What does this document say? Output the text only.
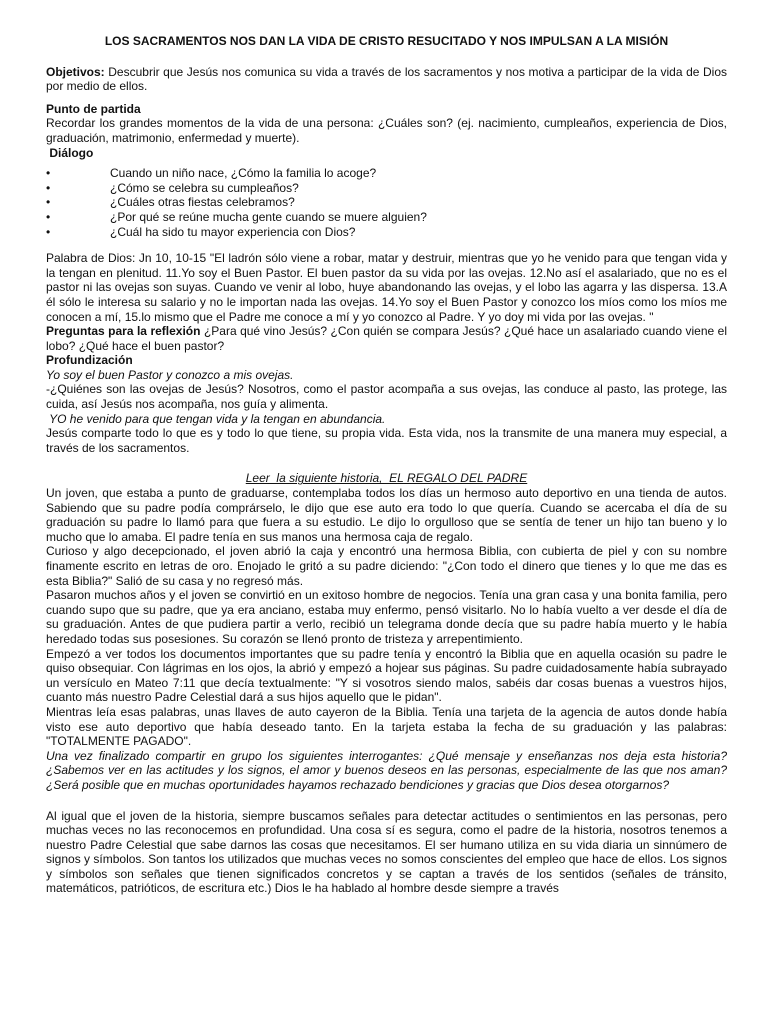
LOS SACRAMENTOS NOS DAN LA VIDA DE CRISTO RESUCITADO Y NOS IMPULSAN A LA MISIÓN

Objetivos: Descubrir que Jesús nos comunica su vida a través de los sacramentos y nos motiva a participar de la vida de Dios por medio de ellos.

Punto de partida

Recordar los grandes momentos de la vida de una persona: ¿Cuáles son? (ej. nacimiento, cumpleaños, experiencia de Dios, graduación, matrimonio, enfermedad y muerte).

Diálogo

•	Cuando un niño nace, ¿Cómo la familia lo acoge?
•	¿Cómo se celebra su cumpleaños?
•	¿Cuáles otras fiestas celebramos?
•	¿Por qué se reúne mucha gente cuando se muere alguien?
•	¿Cuál ha sido tu mayor experiencia con Dios?

Palabra de Dios: Jn 10, 10-15 "El ladrón sólo viene a robar, matar y destruir, mientras que yo he venido para que tengan vida y la tengan en plenitud. 11.Yo soy el Buen Pastor. El buen pastor da su vida por las ovejas. 12.No así el asalariado, que no es el pastor ni las ovejas son suyas. Cuando ve venir al lobo, huye abandonando las ovejas, y el lobo las agarra y las dispersa. 13.A él sólo le interesa su salario y no le importan nada las ovejas. 14.Yo soy el Buen Pastor y conozco los míos como los míos me conocen a mí, 15.lo mismo que el Padre me conoce a mí y yo conozco al Padre. Y yo doy mi vida por las ovejas. "

Preguntas para la reflexión ¿Para qué vino Jesús? ¿Con quién se compara Jesús? ¿Qué hace un asalariado cuando viene el lobo? ¿Qué hace el buen pastor?

Profundización

Yo soy el buen Pastor y conozco a mis ovejas.

-¿Quiénes son las ovejas de Jesús? Nosotros, como el pastor acompaña a sus ovejas, las conduce al pasto, las protege, las cuida, así Jesús nos acompaña, nos guía y alimenta.

YO he venido para que tengan vida y la tengan en abundancia.

Jesús comparte todo lo que es y todo lo que tiene, su propia vida. Esta vida, nos la transmite de una manera muy especial, a través de los sacramentos.

Leer  la siguiente historia,  EL REGALO DEL PADRE

Un joven, que estaba a punto de graduarse, contemplaba todos los días un hermoso auto deportivo en una tienda de autos. Sabiendo que su padre podía comprárselo, le dijo que ese auto era todo lo que quería. Cuando se acercaba el día de su graduación su padre lo llamó para que fuera a su estudio. Le dijo lo orgulloso que se sentía de tener un hijo tan bueno y lo mucho que lo amaba. El padre tenía en sus manos una hermosa caja de regalo.

Curioso y algo decepcionado, el joven abrió la caja y encontró una hermosa Biblia, con cubierta de piel y con su nombre finamente escrito en letras de oro. Enojado le gritó a su padre diciendo: "¿Con todo el dinero que tienes y lo que me das es esta Biblia?" Salió de su casa y no regresó más.

Pasaron muchos años y el joven se convirtió en un exitoso hombre de negocios. Tenía una gran casa y una bonita familia, pero cuando supo que su padre, que ya era anciano, estaba muy enfermo, pensó visitarlo. No lo había vuelto a ver desde el día de su graduación. Antes de que pudiera partir a verlo, recibió un telegrama donde decía que su padre había muerto y le había heredado todas sus posesiones. Su corazón se llenó pronto de tristeza y arrepentimiento.

Empezó a ver todos los documentos importantes que su padre tenía y encontró la Biblia que en aquella ocasión su padre le quiso obsequiar. Con lágrimas en los ojos, la abrió y empezó a hojear sus páginas. Su padre cuidadosamente había subrayado un versículo en Mateo 7:11 que decía textualmente: "Y si vosotros siendo malos, sabéis dar cosas buenas a vuestros hijos, cuanto más nuestro Padre Celestial dará a sus hijos aquello que le pidan".

Mientras leía esas palabras, unas llaves de auto cayeron de la Biblia. Tenía una tarjeta de la agencia de autos donde había visto ese auto deportivo que había deseado tanto. En la tarjeta estaba la fecha de su graduación y las palabras: "TOTALMENTE PAGADO".

Una vez finalizado compartir en grupo los siguientes interrogantes: ¿Qué mensaje y enseñanzas nos deja esta historia? ¿Sabemos ver en las actitudes y los signos, el amor y buenos deseos en las personas, especialmente de las que nos aman? ¿Será posible que en muchas oportunidades hayamos rechazado bendiciones y gracias que Dios desea otorgarnos?

Al igual que el joven de la historia, siempre buscamos señales para detectar actitudes o sentimientos en las personas, pero muchas veces no las reconocemos en profundidad. Una cosa sí es segura, como el padre de la historia, nosotros tenemos a nuestro Padre Celestial que sabe darnos las cosas que necesitamos. El ser humano utiliza en su vida diaria un sinnúmero de signos y símbolos. Son tantos los utilizados que muchas veces no somos conscientes del empleo que hace de ellos. Los signos y símbolos son señales que tienen significados concretos y se captan a través de los sentidos (señales de tránsito, matemáticos, patrióticos, de escritura etc.) Dios le ha hablado al hombre desde siempre a través
